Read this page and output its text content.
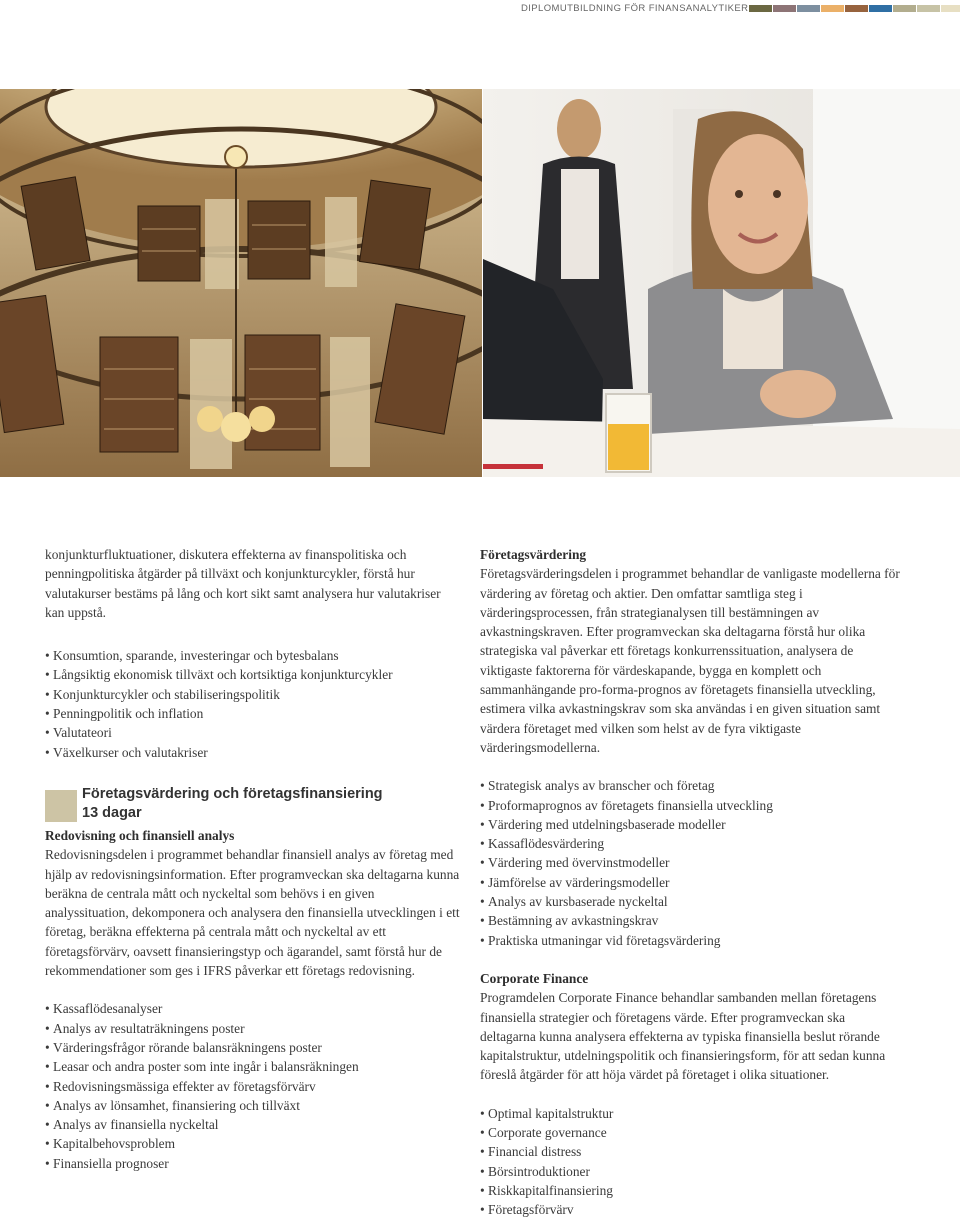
DIPLOMUTBILDNING FÖR FINANSANALYTIKER

konjunkturfluktuationer, diskutera effekterna av finanspolitiska och penningpolitiska åtgärder på tillväxt och konjunkturcykler, förstå hur valutakurser bestäms på lång och kort sikt samt analysera hur valutakriser kan uppstå.

• Konsumtion, sparande, investeringar och bytesbalans
• Långsiktig ekonomisk tillväxt och kortsiktiga konjunkturcykler
• Konjunkturcykler och stabiliseringspolitik
• Penningpolitik och inflation
• Valutateori
• Växelkurser och valutakriser
Företagsvärdering och företagsfinansiering
13 dagar
Redovisning och finansiell analys

Redovisningsdelen i programmet behandlar finansiell analys av företag med hjälp av redovisningsinformation. Efter programveckan ska deltagarna kunna beräkna de centrala mått och nyckeltal som behövs i en given analyssituation, dekomponera och analysera den finansiella utvecklingen i ett företag, beräkna effekterna på centrala mått och nyckeltal av ett företagsförvärv, oavsett finansieringstyp och ägarandel, samt förstå hur de rekommendationer som ges i IFRS påverkar ett företags redovisning.

• Kassaflödesanalyser
• Analys av resultaträkningens poster
• Värderingsfrågor rörande balansräkningens poster
• Leasar och andra poster som inte ingår i balansräkningen
• Redovisningsmässiga effekter av företagsförvärv
• Analys av lönsamhet, finansiering och tillväxt
• Analys av finansiella nyckeltal
• Kapitalbehovsproblem
• Finansiella prognoser
Företagsvärdering

Företagsvärderingsdelen i programmet behandlar de vanligaste modellerna för värdering av företag och aktier. Den omfattar samtliga steg i värderingsprocessen, från strategianalysen till bestämningen av avkastningskraven. Efter programveckan ska deltagarna förstå hur olika strategiska val påverkar ett företags konkurrenssituation, analysera de viktigaste faktorerna för värdeskapande, bygga en komplett och sammanhängande pro-forma-prognos av företagets finansiella utveckling, estimera vilka avkastningskrav som ska användas i en given situation samt värdera företaget med vilken som helst av de fyra viktigaste värderingsmodellerna.

• Strategisk analys av branscher och företag
• Proformaprognos av företagets finansiella utveckling
• Värdering med utdelningsbaserade modeller
• Kassaflödesvärdering
• Värdering med övervinstmodeller
• Jämförelse av värderingsmodeller
• Analys av kursbaserade nyckeltal
• Bestämning av avkastningskrav
• Praktiska utmaningar vid företagsvärdering
Corporate Finance

Programdelen Corporate Finance behandlar sambanden mellan företagens finansiella strategier och företagens värde. Efter programveckan ska deltagarna kunna analysera effekterna av typiska finansiella beslut rörande kapitalstruktur, utdelningspolitik och finansieringsform, för att sedan kunna föreslå åtgärder för att höja värdet på företaget i olika situationer.

• Optimal kapitalstruktur
• Corporate governance
• Financial distress
• Börsintroduktioner
• Riskkapitalfinansiering
• Företagsförvärv
